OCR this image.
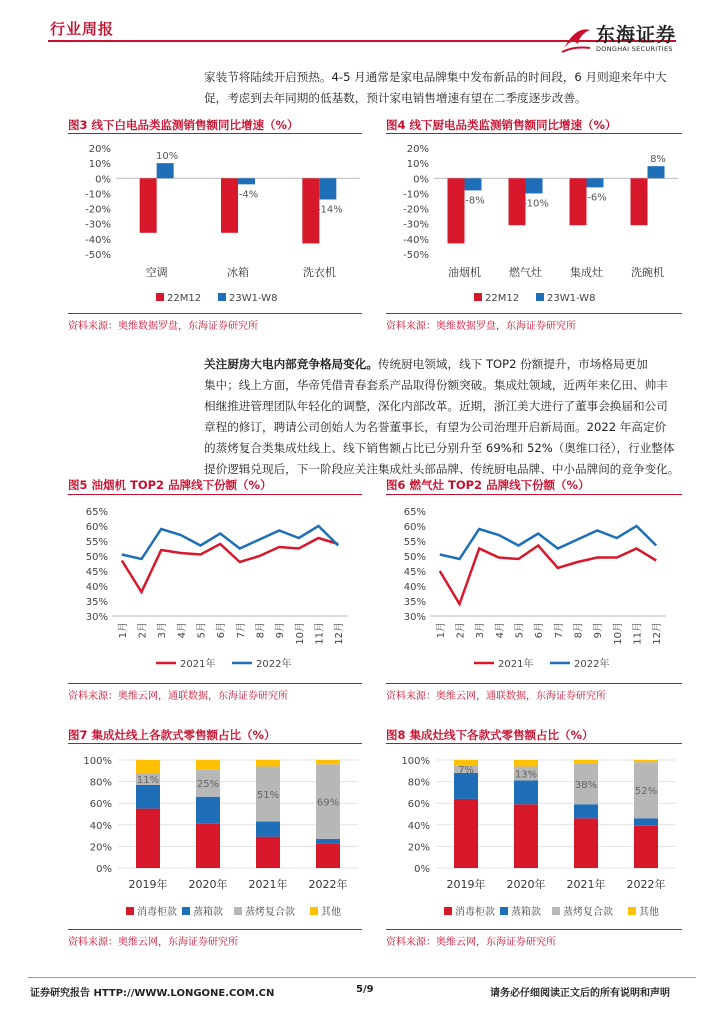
行业周报	东海证券
DONGHAI SECURITIES
家装节将陆续开启预热。4-5 月通常是家电品牌集中发布新品的时间段，6 月则迎来年中大
促，考虑到去年同期的低基数，预计家电销售增速有望在二季度逐步改善。
图3 线下白电品类监测销售额同比增速（%）
20%
10%
0%
-10%
-20%
-30%
-40%
-50%
10%
空调
-4%
冰箱
-14%
洗衣机
22M12	23W1-W8
资料来源：奥维数据罗盘，东海证券研究所
图4 线下厨电品类监测销售额同比增速（%）
20%
10%
0%
-10%
-20%
-30%
-40%
-50%
-8%
油烟机
-10%
燃气灶
-6%
集成灶
8%
洗碗机
22M12	23W1-W8
资料来源：奥维数据罗盘，东海证券研究所
关注厨房大电内部竞争格局变化。传统厨电领域，线下 TOP2 份额提升，市场格局更加
集中；线上方面，华帝凭借青春套系产品取得份额突破。集成灶领域，近两年来亿田、帅丰
相继推进管理团队年轻化的调整，深化内部改革。近期，浙江美大进行了董事会换届和公司
章程的修订，聘请公司创始人为名誉董事长，有望为公司治理开启新局面。2022 年高定价
的蒸烤复合类集成灶线上、线下销售额占比已分别升至 69%和 52%（奥维口径），行业整体
提价逻辑兑现后，下一阶段应关注集成灶头部品牌、传统厨电品牌、中小品牌间的竞争变化。
图5 油烟机 TOP2 品牌线下份额（%）
65%
60%
55%
50%
45%
40%
35%
30%
1月 2月 3月 4月 5月 6月 7月 8月 9月 10月 11月 12月
2021年	2022年
资料来源：奥维云网，通联数据，东海证券研究所
图6 燃气灶 TOP2 品牌线下份额（%）
65%
60%
55%
50%
45%
40%
35%
30%
1月 2月 3月 4月 5月 6月 7月 8月 9月 10月 11月 12月
2021年	2022年
资料来源：奥维云网，通联数据，东海证券研究所
图7 集成灶线上各款式零售额占比（%）
100%
80%
60%
40%
20%
0%
11%
2019年
25%
2020年
51%
2021年
69%
2022年
消毒柜款 蒸箱款 蒸烤复合款	其他
资料来源：奥维云网，东海证券研究所
图8 集成灶线下各款式零售额占比（%）
100%
80%
60%
40%
20%
0%
7%
2019年
13%
2020年
38%
2021年
52%
2022年
消毒柜款 蒸箱款 蒸烤复合款	其他
资料来源：奥维云网，东海证券研究所
证券研究报告 HTTP://WWW.LONGONE.COM.CN	5/9	请务必仔细阅读正文后的所有说明和声明
